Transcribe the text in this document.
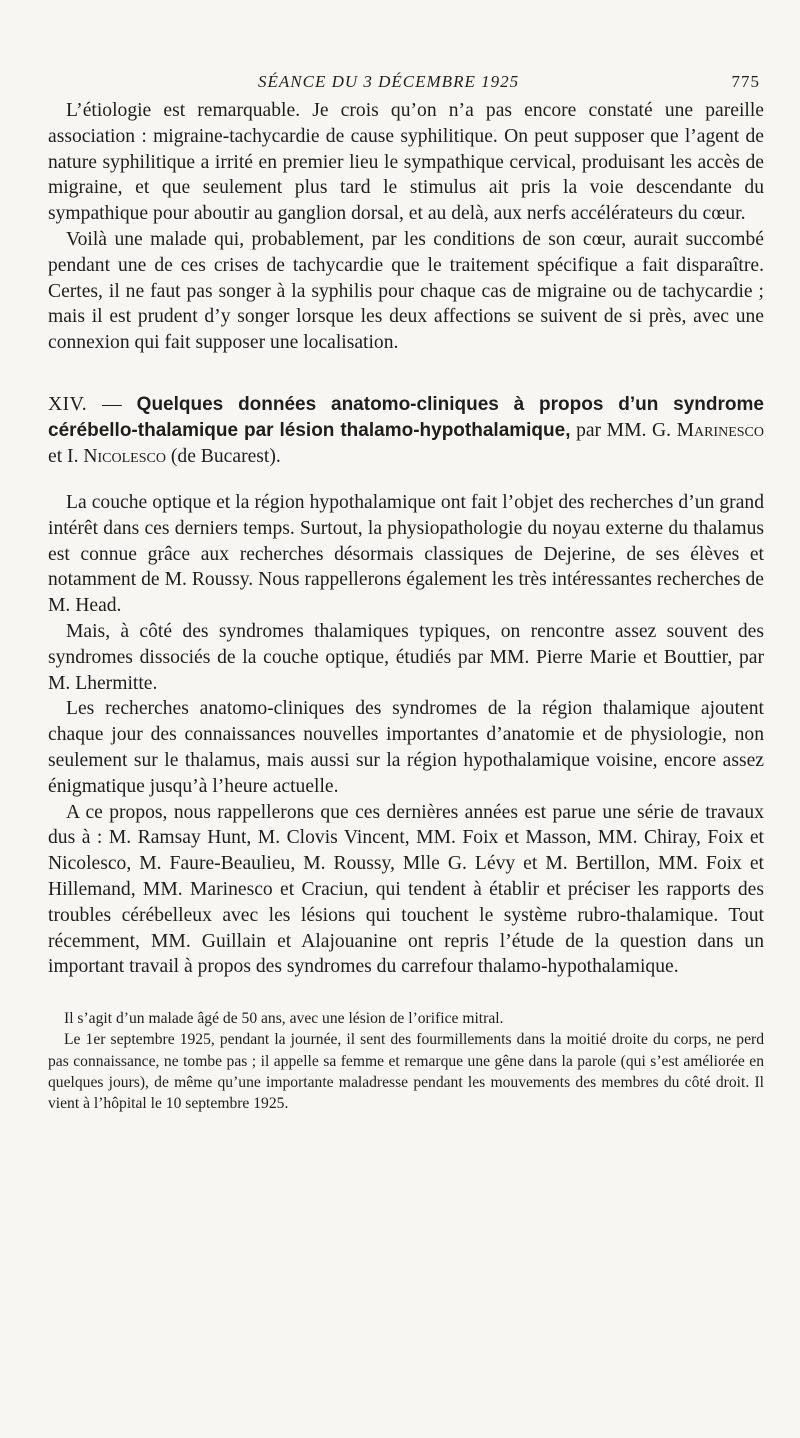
SÉANCE DU 3 DÉCEMBRE 1925	775

L’étiologie est remarquable. Je crois qu’on n’a pas encore constaté une pareille association : migraine-tachycardie de cause syphilitique. On peut supposer que l’agent de nature syphilitique a irrité en premier lieu le sympathique cervical, produisant les accès de migraine, et que seulement plus tard le stimulus ait pris la voie descendante du sympathique pour aboutir au ganglion dorsal, et au delà, aux nerfs accélérateurs du cœur.

Voilà une malade qui, probablement, par les conditions de son cœur, aurait succombé pendant une de ces crises de tachycardie que le traitement spécifique a fait disparaître. Certes, il ne faut pas songer à la syphilis pour chaque cas de migraine ou de tachycardie ; mais il est prudent d’y songer lorsque les deux affections se suivent de si près, avec une connexion qui fait supposer une localisation.

XIV. — Quelques données anatomo-cliniques à propos d’un syndrome cérébello-thalamique par lésion thalamo-hypothalamique, par MM. G. Marinesco et I. Nicolesco (de Bucarest).

La couche optique et la région hypothalamique ont fait l’objet des recherches d’un grand intérêt dans ces derniers temps. Surtout, la physiopathologie du noyau externe du thalamus est connue grâce aux recherches désormais classiques de Dejerine, de ses élèves et notamment de M. Roussy. Nous rappellerons également les très intéressantes recherches de M. Head.

Mais, à côté des syndromes thalamiques typiques, on rencontre assez souvent des syndromes dissociés de la couche optique, étudiés par MM. Pierre Marie et Bouttier, par M. Lhermitte.

Les recherches anatomo-cliniques des syndromes de la région thalamique ajoutent chaque jour des connaissances nouvelles importantes d’anatomie et de physiologie, non seulement sur le thalamus, mais aussi sur la région hypothalamique voisine, encore assez énigmatique jusqu’à l’heure actuelle.

A ce propos, nous rappellerons que ces dernières années est parue une série de travaux dus à : M. Ramsay Hunt, M. Clovis Vincent, MM. Foix et Masson, MM. Chiray, Foix et Nicolesco, M. Faure-Beaulieu, M. Roussy, Mlle G. Lévy et M. Bertillon, MM. Foix et Hillemand, MM. Marinesco et Craciun, qui tendent à établir et préciser les rapports des troubles cérébelleux avec les lésions qui touchent le système rubro-thalamique. Tout récemment, MM. Guillain et Alajouanine ont repris l’étude de la question dans un important travail à propos des syndromes du carrefour thalamo-hypothalamique.

Il s’agit d’un malade âgé de 50 ans, avec une lésion de l’orifice mitral.

Le 1er septembre 1925, pendant la journée, il sent des fourmillements dans la moitié droite du corps, ne perd pas connaissance, ne tombe pas ; il appelle sa femme et remarque une gêne dans la parole (qui s’est améliorée en quelques jours), de même qu’une importante maladresse pendant les mouvements des membres du côté droit. Il vient à l’hôpital le 10 septembre 1925.
